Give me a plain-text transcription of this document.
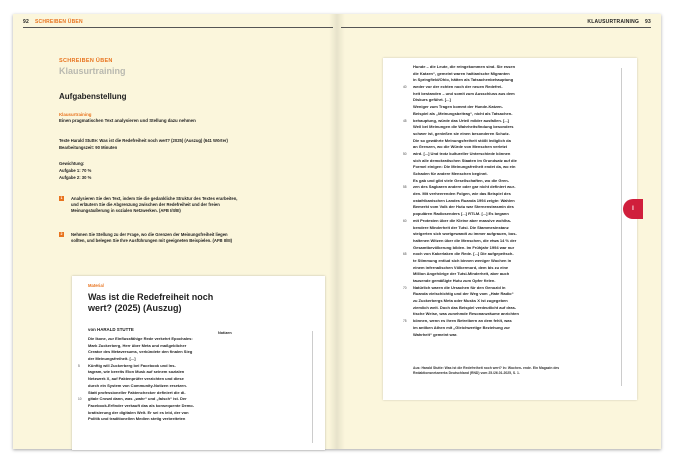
92 SCHREIBEN ÜBEN
SCHREIBEN ÜBEN
Klausurtraining
Aufgabenstellung
Klausurtraining
Einen pragmatischen Text analysieren und Stellung dazu nehmen
Texte Harald Stutte: Was ist die Redefreiheit noch wert? (2025) (Auszug) (641 Wörter)
Bearbeitungszeit: 90 Minuten
Gewichtung:
Aufgabe 1: 70 %
Aufgabe 2: 30 %
1	Analysieren Sie den Text, indem Sie die gedankliche Struktur des Textes erarbeiten,
und erläutern Sie die Abgrenzung zwischen der Redefreiheit und der freien
Meinungsäußerung in sozialen Netzwerken. (AFB I/II/III)
2	Nehmen Sie Stellung zu der Frage, wo die Grenzen der Meinungsfreiheit liegen
sollten, und belegen Sie Ihre Ausführungen mit geeigneten Beispielen. (AFB II/III)
Material
Was ist die Redefreiheit noch wert? (2025) (Auszug)
von HARALD STUTTE
Notizen
Die Ikone, zur Einflussfähige Rede verkehrt Epochales:
Mark Zuckerberg, Herr über Meta und maßgeblicher
Creator des Metaversums, verkündete den finalen Sieg
der Meinungsfreiheit. [...]
5 Künftig will Zuckerberg bei Facebook und Ins-
tagram, wie bereits Elon Musk auf seinem sozialen
Netzwerk X, auf Faktenprüfer verzichten und diese
durch ein System von Community-Notizen ersetzen.
Statt professioneller Faktenchecker definiert die di-
10 gitale Crowd dann, was „wahr“ und „falsch“ ist. Der
Facebook-Erfinder verkauft das als konsequente Demo-
kratisierung der digitalen Welt. Er sei es leid, der von
Politik und traditionellen Medien stetig verbreiteten
KLAUSURTRAINING 93
Hunde – die Leute, die reingekommen sind. Sie essen
die Katzen“, gemeint waren haitianische Migranten
in Springfield/Ohio, hätten als Tatsachenbehauptung
40 weder vor der echten noch der neuen Redefrei-
heit bestanden – und somit zum Ausschluss aus dem
Diskurs geführt. [...]
Weniger zum Tragen kommt der Hunde-Katzen-
Beispiel als „Meinungsbeitrag“, nicht als Tatsachen-
45 behauptung, würde das Urteil milder ausfallen. [...]
Weil bei Meinungen die Wahrheitsfindung besonders
schwer ist, genießen sie einen besonderen Schutz.
Die so gewährte Meinungsfreiheit stößt lediglich da
an Grenzen, wo die Würde von Menschen verletzt
50 wird. [...] Und trotz kultureller Unterschiede können
sich alle demokratischen Staaten im Grundsatz auf die
Formel einigen: Die Meinungsfreiheit endet da, wo ein
Schaden für andere Menschen beginnt.
Es gab und gibt viele Gesellschaften, wo die Gren-
55 zen des Sagbaren andere oder gar nicht definiert wur-
den. Mit verheerenden Folgen, wie das Beispiel des
ostafrikanischen Landes Ruanda 1994 zeigte: Wahlen
Bemerkt vom Volk der Hutu war Sternenstrasmin des
populären Radiosenders [...] RTLM. [...] Es begann
60 mit Protesten über die Kleine aber massive wohlha-
bendere Minderheit der Tutsi. Die Stammesinstanz
steigerten sich wortgewandt zu immer aufgrauen, bos-
haltenen Witzen über die Menschen, die etwa 14 % der
Gesamtbevölkerung bilden. Im Frühjahr 1994 war nur
65 noch von Kakerlaken die Rede. [...] Die aufgepeitsch-
te Stimmung entlud sich binnen weniger Wochen in
einem infernalischen Völkermord, dem bis zu eine
Million Angehörige der Tutsi-Minderheit, aber auch
tausende gemäßigte Hutu zum Opfer fielen.
70 Natürlich waren die Ursachen für den Genozid in
Ruanda vielschichtig und der Weg vom „Hate Radio“
zu Zuckerbergs Meta oder Musks X ist zugegeben
ziemlich weit. Doch das Beispiel verdeutlicht auf dras-
tische Weise, was zunehmde Resonanzräume anrichten
75 können, wenn es ihren Betreibern an dem fehlt, was
im antiken Athen mit „Gleichwertige Beziehung zur
Wahrheit“ gemeint war.
Aus: Harald Stutte: Was ist die Redefreiheit noch wert? In: Wochen- ende. Ein Magazin des Redaktionsnetzwerks Deutschland (RND) vom 25./26.01.2025, S. 1.
I
